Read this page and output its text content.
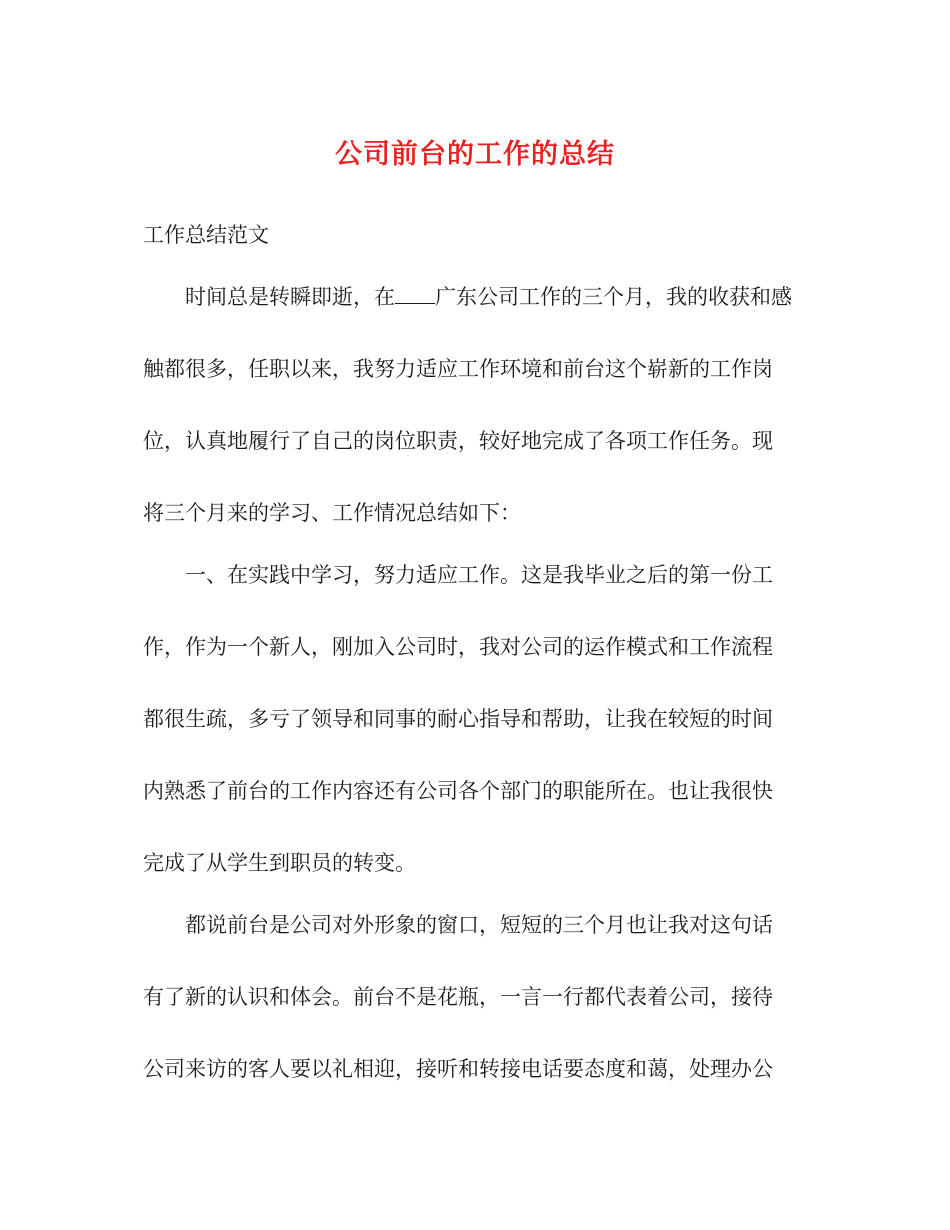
公司前台的工作的总结
工作总结范文
时间总是转瞬即逝，在 广东公司工作的三个月，我的收获和感
触都很多，任职以来，我努力适应工作环境和前台这个崭新的工作岗
位，认真地履行了自己的岗位职责，较好地完成了各项工作任务。现
将三个月来的学习、工作情况总结如下：
一、在实践中学习，努力适应工作。这是我毕业之后的第一份工
作，作为一个新人，刚加入公司时，我对公司的运作模式和工作流程
都很生疏，多亏了领导和同事的耐心指导和帮助，让我在较短的时间
内熟悉了前台的工作内容还有公司各个部门的职能所在。也让我很快
完成了从学生到职员的转变。
都说前台是公司对外形象的窗口，短短的三个月也让我对这句话
有了新的认识和体会。前台不是花瓶，一言一行都代表着公司，接待
公司来访的客人要以礼相迎，接听和转接电话要态度和蔼，处理办公
